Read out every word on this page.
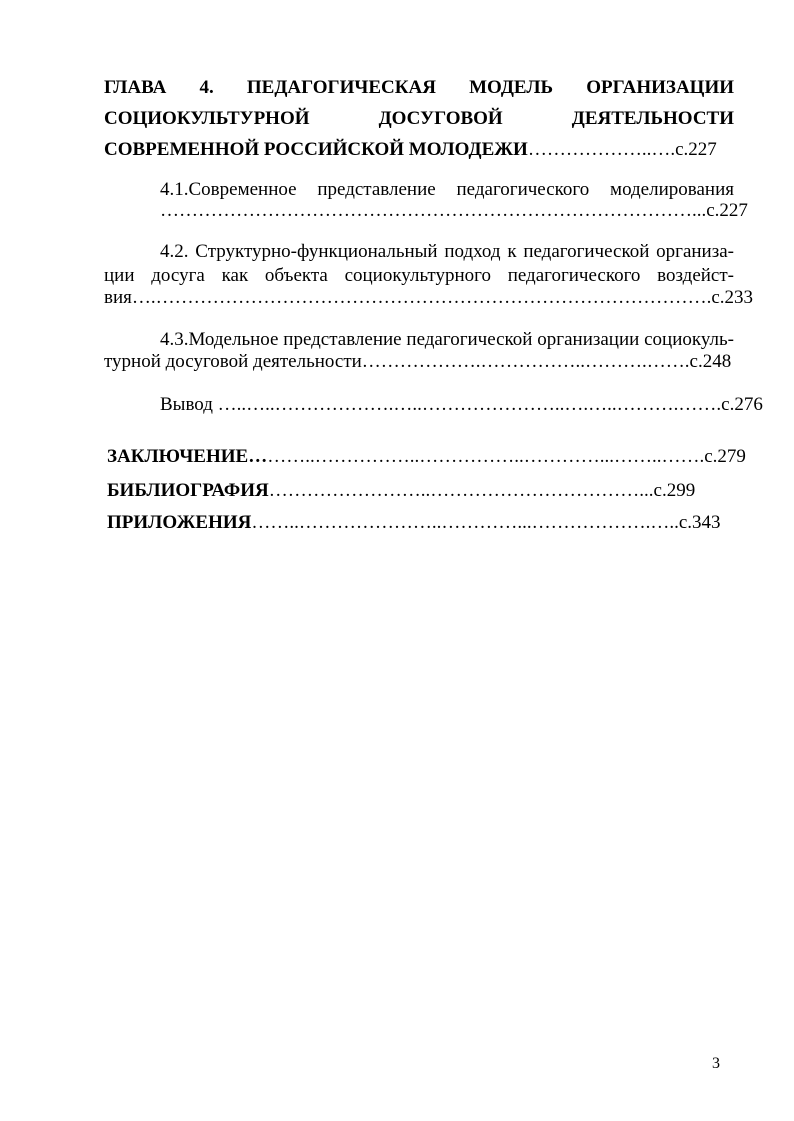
ГЛАВА 4. ПЕДАГОГИЧЕСКАЯ МОДЕЛЬ ОРГАНИЗАЦИИ
СОЦИОКУЛЬТУРНОЙ ДОСУГОВОЙ ДЕЯТЕЛЬНОСТИ
СОВРЕМЕННОЙ РОССИЙСКОЙ МОЛОДЕЖИ………………..….с.227
4.1.Современное представление педагогического моделирования
…………………………………………………………………………...с.227
4.2. Структурно-функциональный подход к педагогической организа-
ции досуга как объекта социокультурного педагогического воздейст-
вия….…………………………………………………………………………….с.233
4.3.Модельное представление педагогической организации социокуль-
турной досуговой деятельности……………….……………..……….…….с.248
Вывод …..…..……………….…..…………………..….…..……….…….с.276
ЗАКЛЮЧЕНИЕ………..……………..……………..…………...……..…….с.279
БИБЛИОГРАФИЯ……………………..……………………………...с.299
ПРИЛОЖЕНИЯ……..…………………..…………...……………….…..с.343
3
